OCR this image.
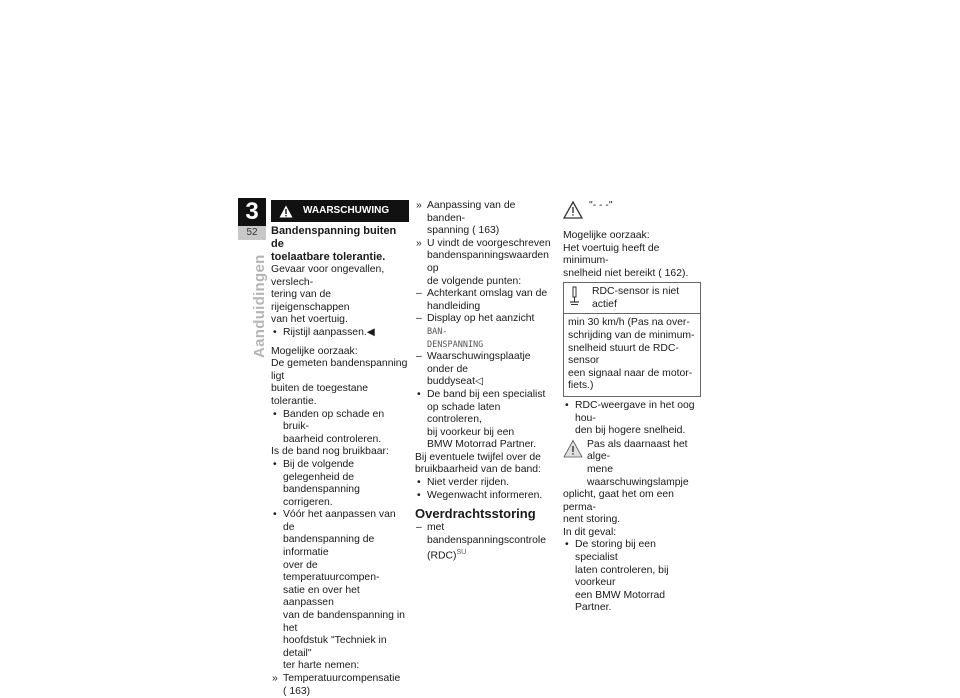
3
52
Aanduidingen
WAARSCHUWING

Bandenspanning buiten de
toelaatbare tolerantie.

Gevaar voor ongevallen, verslech-
tering van de rijeigenschappen
van het voertuig.

• Rijstijl aanpassen.◀

Mogelijke oorzaak:

De gemeten bandenspanning ligt
buiten de toegestane tolerantie.

• Banden op schade en bruik-
baarheid controleren.

Is de band nog bruikbaar:

• Bij de volgende gelegenheid de
bandenspanning corrigeren.
• Vóór het aanpassen van de
bandenspanning de informatie
over de temperatuurcompen-
satie en over het aanpassen
van de bandenspanning in het
hoofdstuk "Techniek in detail"
ter harte nemen:
» Temperatuurcompensatie
( 163)
» Aanpassing van de banden-
spanning ( 163)
» U vindt de voorgeschreven
bandenspanningswaarden op
de volgende punten:
– Achterkant omslag van de
handleiding
– Display op het aanzicht BAN-
DENSPANNING
– Waarschuwingsplaatje onder de
buddyseat◁
• De band bij een specialist
op schade laten controleren,
bij voorkeur bij een
BMW Motorrad Partner.

Bij eventuele twijfel over de
bruikbaarheid van de band:

• Niet verder rijden.
• Wegenwacht informeren.

Overdrachtsstoring

– met bandenspanningscontrole
(RDC)$^{SU}$
"- - -"

Mogelijke oorzaak:

Het voertuig heeft de minimum-
snelheid niet bereikt ( 162).

RDC-sensor is niet actief
min 30 km/h (Pas na over-
schrijding van de minimum-
snelheid stuurt de RDC-sensor
een signaal naar de motor-
fiets.)
• RDC-weergave in het oog hou-
den bij hogere snelheid.
Pas als daarnaast het alge-
mene waarschuwingslampje

oplicht, gaat het om een perma-
nent storing.

In dit geval:

• De storing bij een specialist
laten controleren, bij voorkeur
een BMW Motorrad Partner.
